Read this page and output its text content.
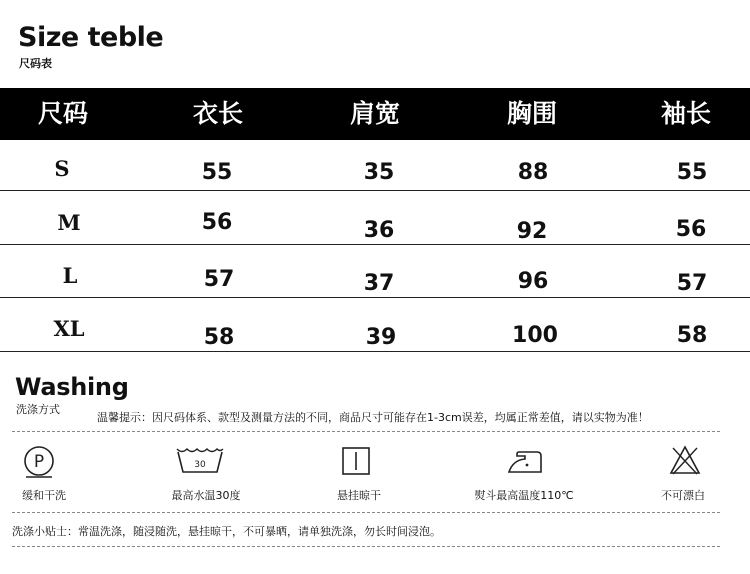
Size teble
尺码表
尺码	衣长	肩宽	胸围	袖长
S	55	35	88	55
M	56	36	92	56
L	57	37	96	57
XL	58	39	100	58
Washing
洗涤方式
温馨提示：因尺码体系、款型及测量方法的不同，商品尺寸可能存在1-3cm误差，均属正常差值，请以实物为准！
P	30
缓和干洗	最高水温30度	悬挂晾干	熨斗最高温度110℃	不可漂白
洗涤小贴士：常温洗涤，随浸随洗，悬挂晾干，不可暴晒，请单独洗涤，勿长时间浸泡。
